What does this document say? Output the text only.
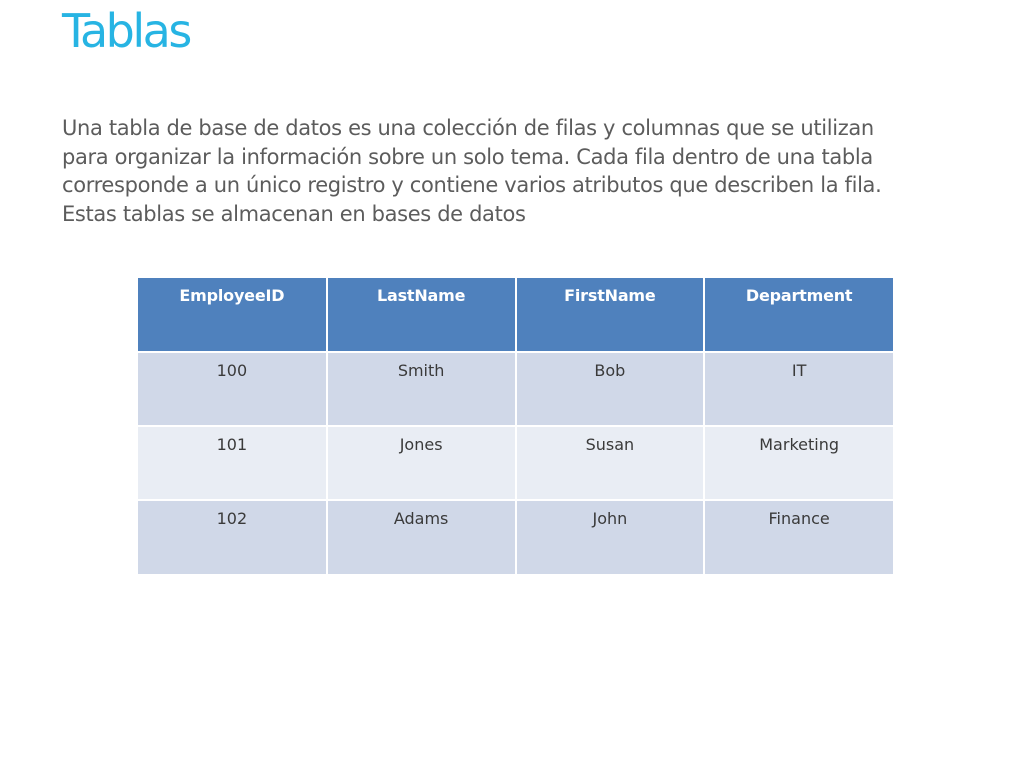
Tablas

Una tabla de base de datos es una colección de filas y columnas que se utilizan para organizar la información sobre un solo tema. Cada fila dentro de una tabla corresponde a un único registro y contiene varios atributos que describen la fila.

Estas tablas se almacenan en bases de datos

EmployeeID	LastName	FirstName	Department
100	Smith	Bob	IT
101	Jones	Susan	Marketing
102	Adams	John	Finance
